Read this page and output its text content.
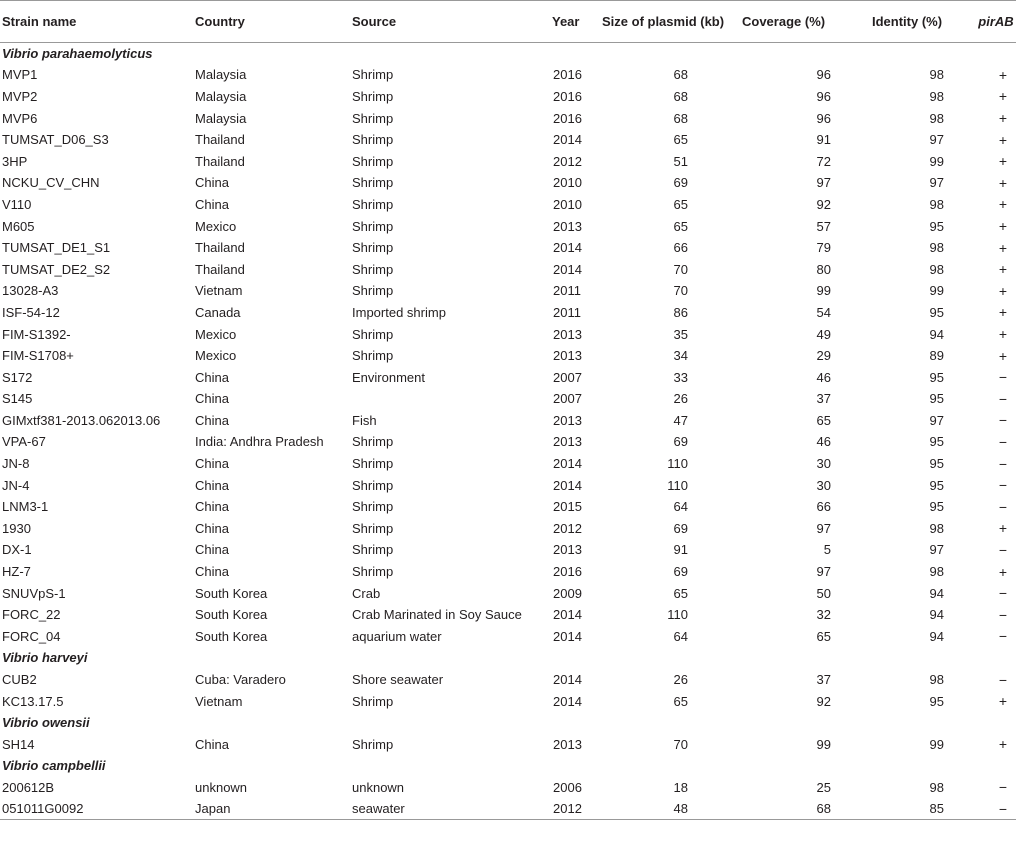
Strain name	Country	Source	Year	Size of plasmid (kb)	Coverage (%)	Identity (%)	pirAB
Vibrio parahaemolyticus							
MVP1	Malaysia	Shrimp	2016	68	96	98	+
MVP2	Malaysia	Shrimp	2016	68	96	98	+
MVP6	Malaysia	Shrimp	2016	68	96	98	+
TUMSAT_D06_S3	Thailand	Shrimp	2014	65	91	97	+
3HP	Thailand	Shrimp	2012	51	72	99	+
NCKU_CV_CHN	China	Shrimp	2010	69	97	97	+
V110	China	Shrimp	2010	65	92	98	+
M605	Mexico	Shrimp	2013	65	57	95	+
TUMSAT_DE1_S1	Thailand	Shrimp	2014	66	79	98	+
TUMSAT_DE2_S2	Thailand	Shrimp	2014	70	80	98	+
13028-A3	Vietnam	Shrimp	2011	70	99	99	+
ISF-54-12	Canada	Imported shrimp	2011	86	54	95	+
FIM-S1392-	Mexico	Shrimp	2013	35	49	94	+
FIM-S1708+	Mexico	Shrimp	2013	34	29	89	+
S172	China	Environment	2007	33	46	95	−
S145	China		2007	26	37	95	−
GIMxtf381-2013.062013.06	China	Fish	2013	47	65	97	−
VPA-67	India: Andhra Pradesh	Shrimp	2013	69	46	95	−
JN-8	China	Shrimp	2014	110	30	95	−
JN-4	China	Shrimp	2014	110	30	95	−
LNM3-1	China	Shrimp	2015	64	66	95	−
1930	China	Shrimp	2012	69	97	98	+
DX-1	China	Shrimp	2013	91	5	97	−
HZ-7	China	Shrimp	2016	69	97	98	+
SNUVpS-1	South Korea	Crab	2009	65	50	94	−
FORC_22	South Korea	Crab Marinated in Soy Sauce	2014	110	32	94	−
FORC_04	South Korea	aquarium water	2014	64	65	94	−
Vibrio harveyi							
CUB2	Cuba: Varadero	Shore seawater	2014	26	37	98	−
KC13.17.5	Vietnam	Shrimp	2014	65	92	95	+
Vibrio owensii							
SH14	China	Shrimp	2013	70	99	99	+
Vibrio campbellii							
200612B	unknown	unknown	2006	18	25	98	−
051011G0092	Japan	seawater	2012	48	68	85	−
